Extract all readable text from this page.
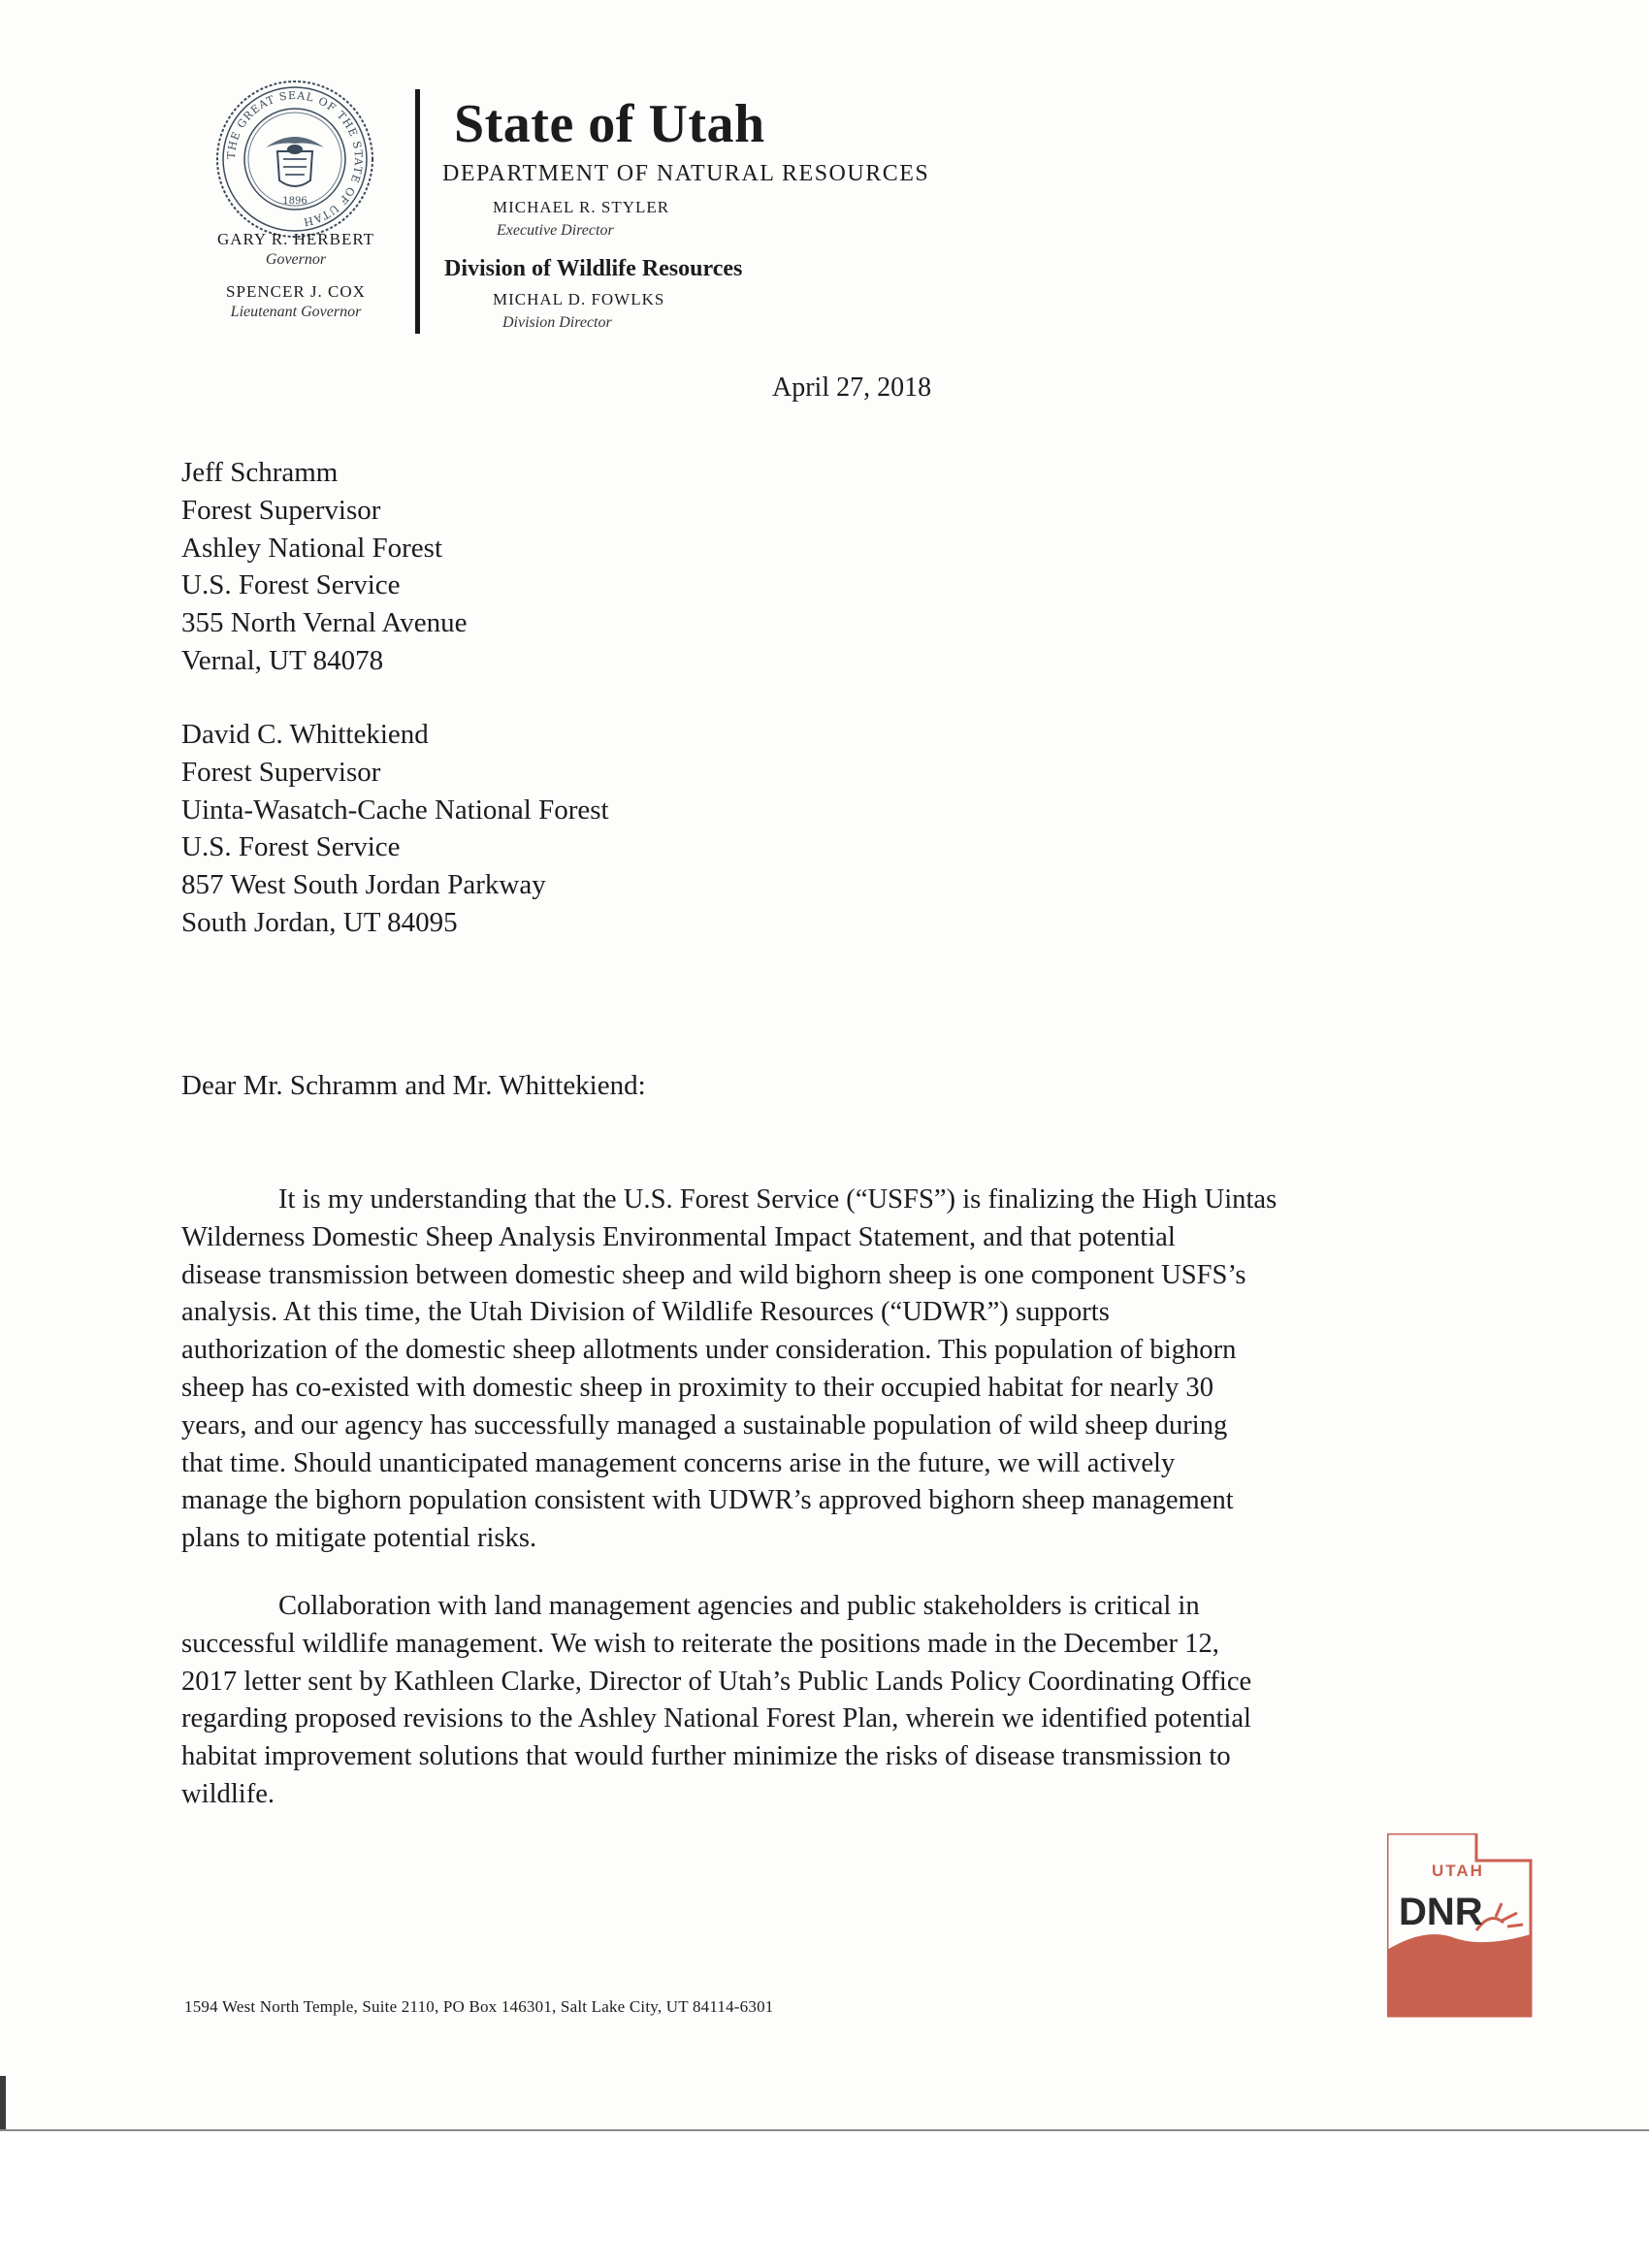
THE GREAT SEAL OF THE STATE OF UTAH
1896
GARY R. HERBERT
Governor
SPENCER J. COX
Lieutenant Governor
State of Utah
DEPARTMENT OF NATURAL RESOURCES
MICHAEL R. STYLER
Executive Director
Division of Wildlife Resources
MICHAL D. FOWLKS
Division Director
April 27, 2018
Jeff Schramm
Forest Supervisor
Ashley National Forest
U.S. Forest Service
355 North Vernal Avenue
Vernal, UT 84078
David C. Whittekiend
Forest Supervisor
Uinta-Wasatch-Cache National Forest
U.S. Forest Service
857 West South Jordan Parkway
South Jordan, UT 84095
Dear Mr. Schramm and Mr. Whittekiend:
It is my understanding that the U.S. Forest Service (“USFS”) is finalizing the High Uintas
Wilderness Domestic Sheep Analysis Environmental Impact Statement, and that potential
disease transmission between domestic sheep and wild bighorn sheep is one component USFS’s
analysis. At this time, the Utah Division of Wildlife Resources (“UDWR”) supports
authorization of the domestic sheep allotments under consideration. This population of bighorn
sheep has co-existed with domestic sheep in proximity to their occupied habitat for nearly 30
years, and our agency has successfully managed a sustainable population of wild sheep during
that time. Should unanticipated management concerns arise in the future, we will actively
manage the bighorn population consistent with UDWR’s approved bighorn sheep management
plans to mitigate potential risks.
Collaboration with land management agencies and public stakeholders is critical in
successful wildlife management. We wish to reiterate the positions made in the December 12,
2017 letter sent by Kathleen Clarke, Director of Utah’s Public Lands Policy Coordinating Office
regarding proposed revisions to the Ashley National Forest Plan, wherein we identified potential
habitat improvement solutions that would further minimize the risks of disease transmission to
wildlife.
UTAH
DNR
1594 West North Temple, Suite 2110, PO Box 146301, Salt Lake City, UT 84114-6301
